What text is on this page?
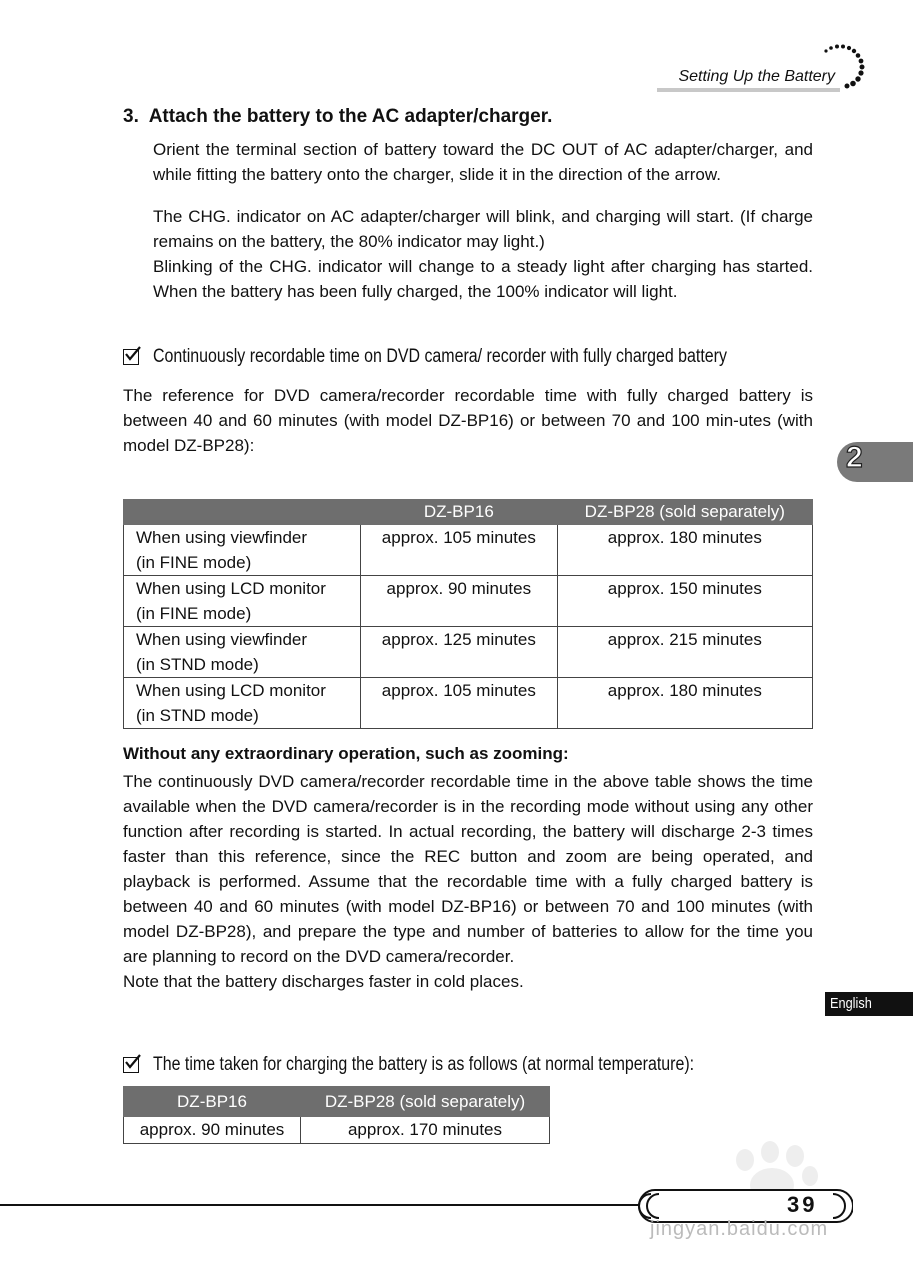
Setting Up the Battery
3.  Attach the battery to the AC adapter/charger.
Orient the terminal section of battery toward the DC OUT of AC adapter/charger, and while fitting the battery onto the charger, slide it in the direction of the arrow.
The CHG. indicator on AC adapter/charger will blink, and charging will start. (If charge remains on the battery, the 80% indicator may light.)
Blinking of the CHG. indicator will change to a steady light after charging has started. When the battery has been fully charged, the 100% indicator will light.
Continuously recordable time on DVD camera/ recorder with fully charged battery
The reference for DVD camera/recorder recordable time with fully charged battery is between 40 and 60 minutes (with model DZ-BP16) or between 70 and 100 min-utes (with model DZ-BP28):	2
	DZ-BP16	DZ-BP28 (sold separately)

When using viewfinder
(in FINE mode)	approx. 105 minutes	approx. 180 minutes

When using LCD monitor
(in FINE mode)	approx. 90 minutes	approx. 150 minutes

When using viewfinder
(in STND mode)	approx. 125 minutes	approx. 215 minutes

When using LCD monitor
(in STND mode)	approx. 105 minutes	approx. 180 minutes
Without any extraordinary operation, such as zooming:
The continuously DVD camera/recorder recordable time in the above table shows the time available when the DVD camera/recorder is in the recording mode without using any other function after recording is started. In actual recording, the battery will discharge 2-3 times faster than this reference, since the REC button and zoom are being operated, and playback is performed. Assume that the recordable time with a fully charged battery is between 40 and 60 minutes (with model DZ-BP16) or between 70 and 100 minutes (with model DZ-BP28), and prepare the type and number of batteries to allow for the time you are planning to record on the DVD camera/recorder.
Note that the battery discharges faster in cold places.
English
The time taken for charging the battery is as follows (at normal temperature):
DZ-BP16	DZ-BP28 (sold separately)
approx. 90 minutes	approx. 170 minutes
39
jingyan.baidu.com
